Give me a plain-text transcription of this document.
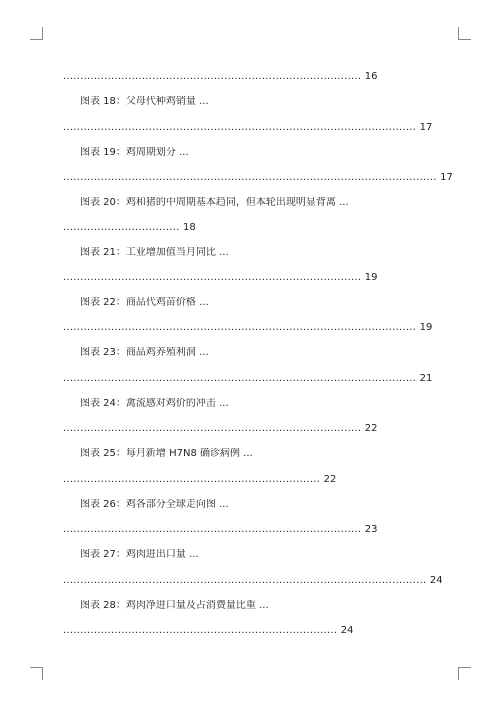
....................................................................................... 16
图表 18：父母代种鸡销量 ...
....................................................................................................... 17
图表 19：鸡周期划分 ...
............................................................................................................. 17
图表 20：鸡和猪的中周期基本趋同，但本轮出现明显背离 ...
.................................. 18
图表 21：工业增加值当月同比 ...
....................................................................................... 19
图表 22：商品代鸡苗价格 ...
....................................................................................................... 19
图表 23：商品鸡养殖利润 ...
....................................................................................................... 21
图表 24：禽流感对鸡价的冲击 ...
....................................................................................... 22
图表 25：每月新增 H7N8 确诊病例 ...
........................................................................... 22
图表 26：鸡各部分全球走向图 ...
....................................................................................... 23
图表 27：鸡肉进出口量 ...
.......................................................................................................... 24
图表 28：鸡肉净进口量及占消费量比重 ...
................................................................................ 24
